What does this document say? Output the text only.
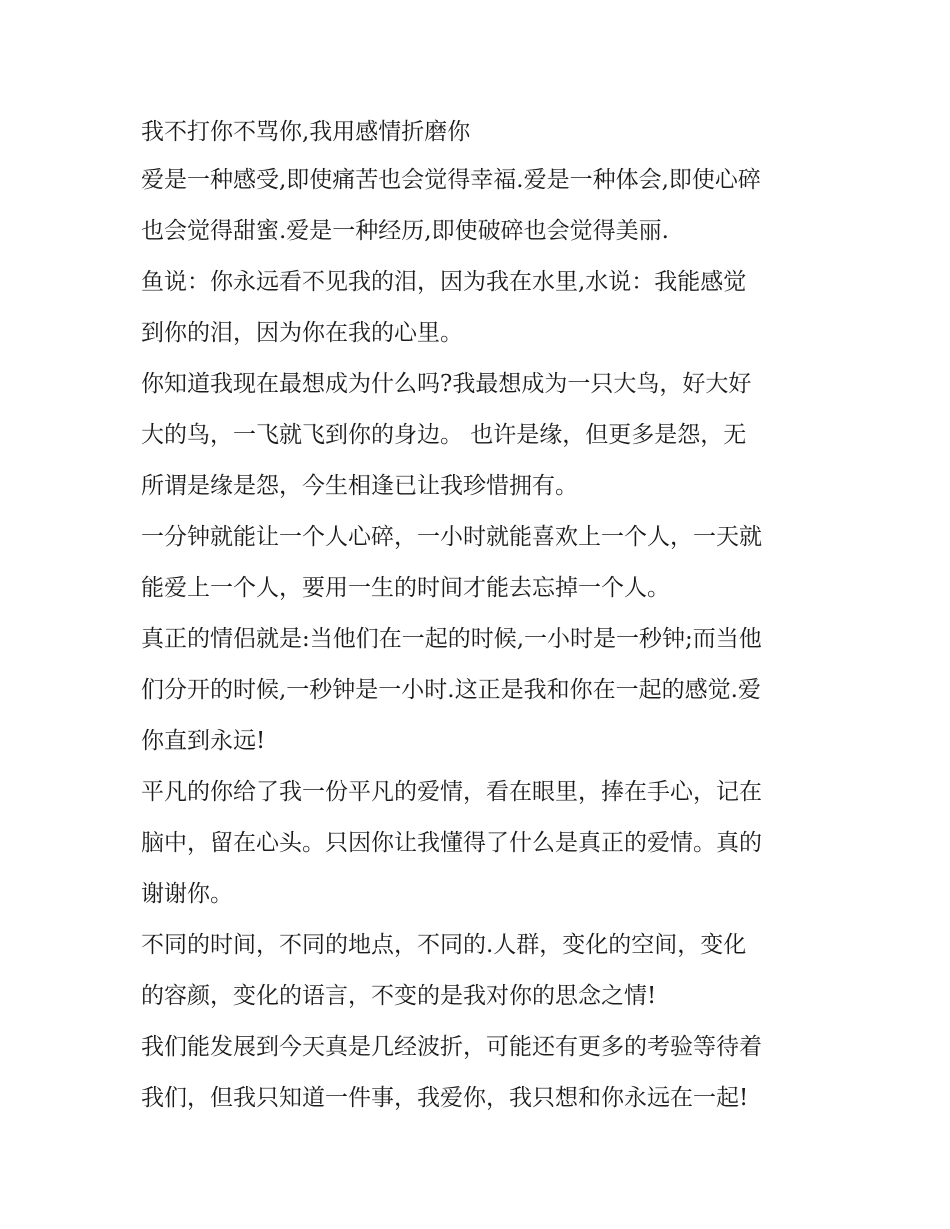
我不打你不骂你,我用感情折磨你
爱是一种感受,即使痛苦也会觉得幸福.爱是一种体会,即使心碎
也会觉得甜蜜.爱是一种经历,即使破碎也会觉得美丽.
鱼说：你永远看不见我的泪，因为我在水里,水说：我能感觉
到你的泪，因为你在我的心里。
你知道我现在最想成为什么吗?我最想成为一只大鸟，好大好
大的鸟，一飞就飞到你的身边。 也许是缘，但更多是怨，无
所谓是缘是怨，今生相逢已让我珍惜拥有。
一分钟就能让一个人心碎，一小时就能喜欢上一个人，一天就
能爱上一个人，要用一生的时间才能去忘掉一个人。
真正的情侣就是:当他们在一起的时候,一小时是一秒钟;而当他
们分开的时候,一秒钟是一小时.这正是我和你在一起的感觉.爱
你直到永远!
平凡的你给了我一份平凡的爱情，看在眼里，捧在手心，记在
脑中，留在心头。只因你让我懂得了什么是真正的爱情。真的
谢谢你。
不同的时间，不同的地点，不同的.人群，变化的空间，变化
的容颜，变化的语言，不变的是我对你的思念之情!
我们能发展到今天真是几经波折，可能还有更多的考验等待着
我们，但我只知道一件事，我爱你，我只想和你永远在一起!
